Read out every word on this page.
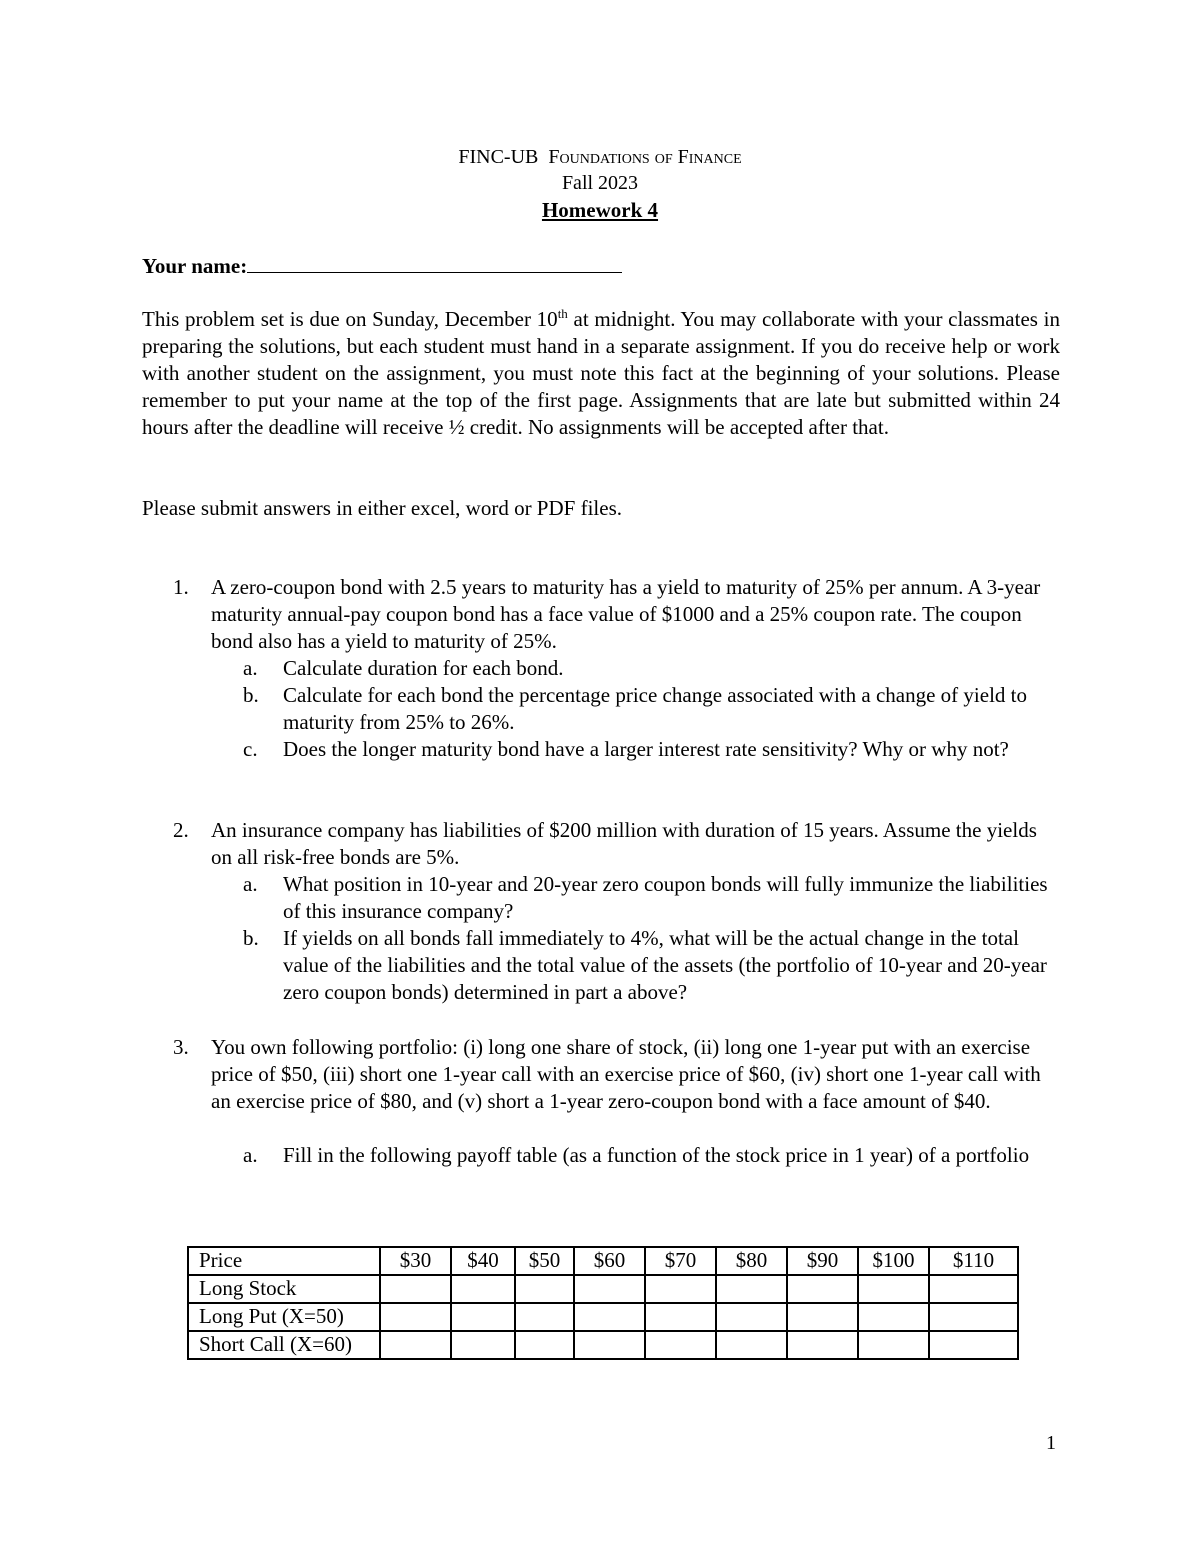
FINC-UB Foundations of Finance
Fall 2023
Homework 4
Your name:
This problem set is due on Sunday, December 10th at midnight. You may collaborate with your classmates in preparing the solutions, but each student must hand in a separate assignment. If you do receive help or work with another student on the assignment, you must note this fact at the beginning of your solutions. Please remember to put your name at the top of the first page. Assignments that are late but submitted within 24 hours after the deadline will receive ½ credit. No assignments will be accepted after that.
Please submit answers in either excel, word or PDF files.
1. A zero-coupon bond with 2.5 years to maturity has a yield to maturity of 25% per annum. A 3-year maturity annual-pay coupon bond has a face value of $1000 and a 25% coupon rate. The coupon bond also has a yield to maturity of 25%.
a. Calculate duration for each bond.
b. Calculate for each bond the percentage price change associated with a change of yield to maturity from 25% to 26%.
c. Does the longer maturity bond have a larger interest rate sensitivity? Why or why not?
2. An insurance company has liabilities of $200 million with duration of 15 years. Assume the yields on all risk-free bonds are 5%.
a. What position in 10-year and 20-year zero coupon bonds will fully immunize the liabilities of this insurance company?
b. If yields on all bonds fall immediately to 4%, what will be the actual change in the total value of the liabilities and the total value of the assets (the portfolio of 10-year and 20-year zero coupon bonds) determined in part a above?
3. You own following portfolio: (i) long one share of stock, (ii) long one 1-year put with an exercise price of $50, (iii) short one 1-year call with an exercise price of $60, (iv) short one 1-year call with an exercise price of $80, and (v) short a 1-year zero-coupon bond with a face amount of $40.
a. Fill in the following payoff table (as a function of the stock price in 1 year) of a portfolio
Price	$30	$40	$50	$60	$70	$80	$90	$100	$110
Long Stock									
Long Put (X=50)									
Short Call (X=60)									
1
